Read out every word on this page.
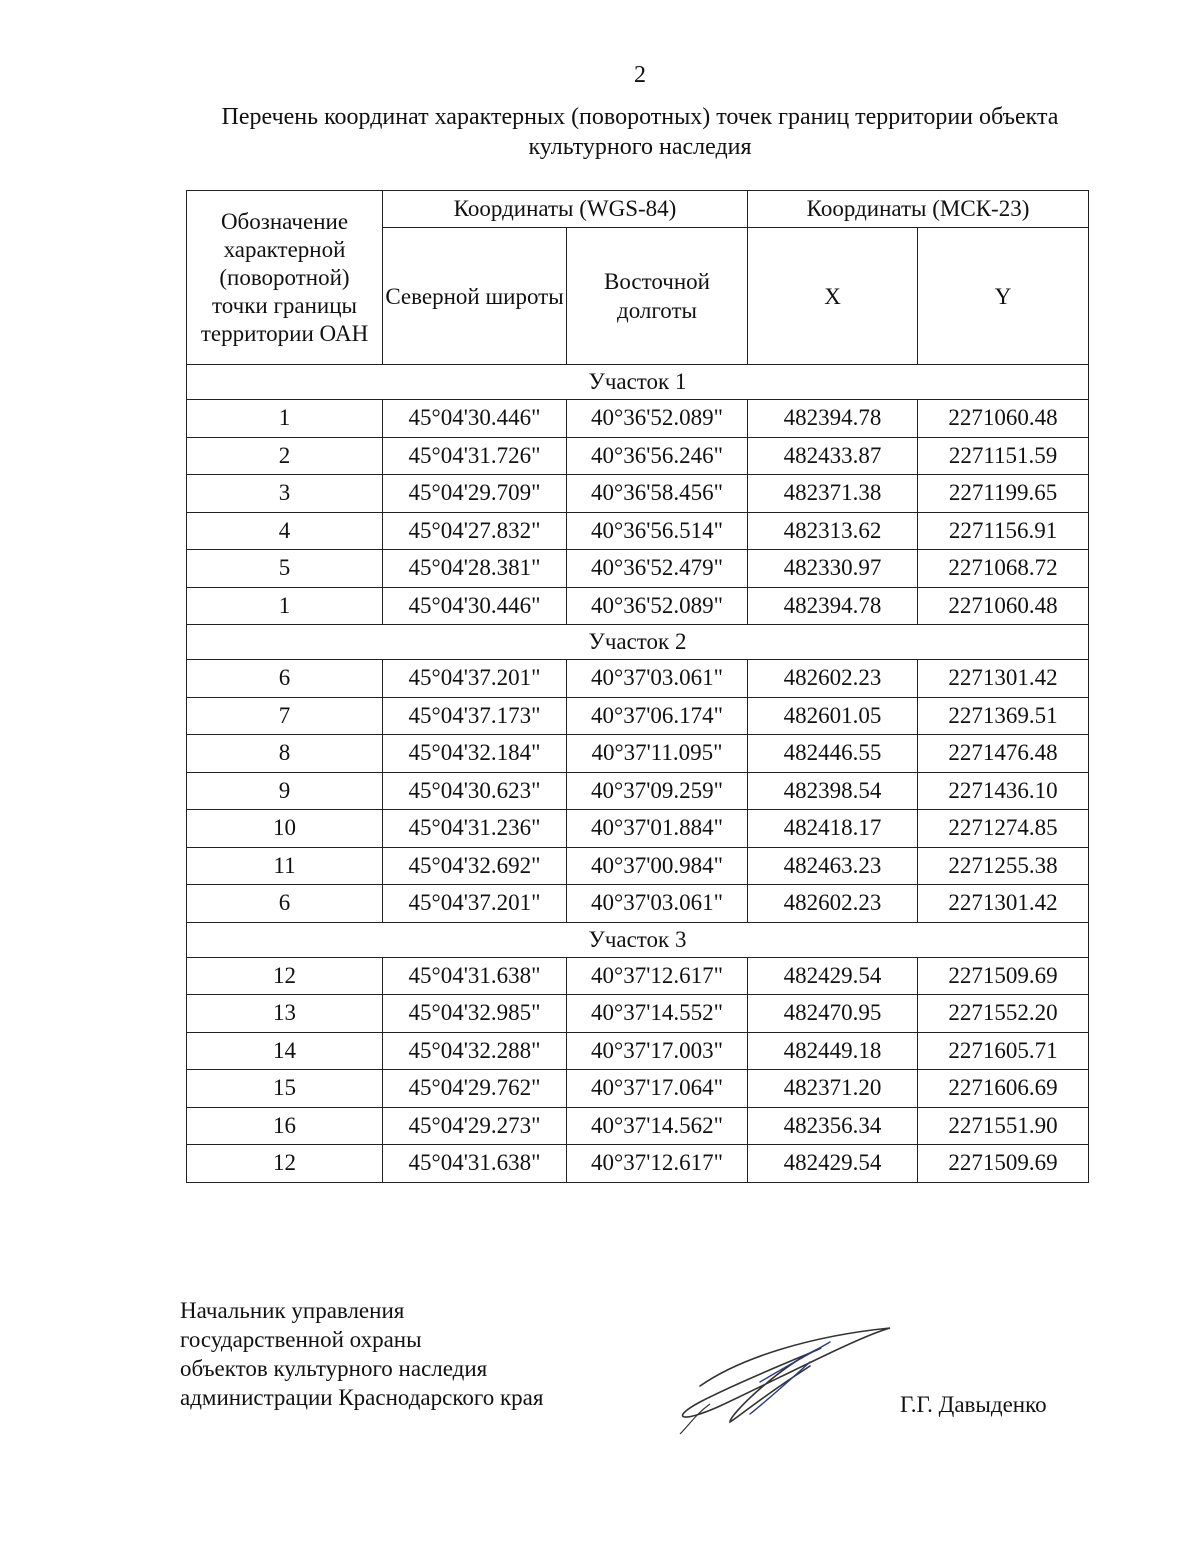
2
Перечень координат характерных (поворотных) точек границ территории объекта культурного наследия
Обозначение характерной (поворотной) точки границы территории ОАН	Координаты (WGS-84)		Координаты (МСК-23)	
	Северной широты	Восточной долготы	X	Y
Участок 1				
1	45°04'30.446"	40°36'52.089"	482394.78	2271060.48
2	45°04'31.726"	40°36'56.246"	482433.87	2271151.59
3	45°04'29.709"	40°36'58.456"	482371.38	2271199.65
4	45°04'27.832"	40°36'56.514"	482313.62	2271156.91
5	45°04'28.381"	40°36'52.479"	482330.97	2271068.72
1	45°04'30.446"	40°36'52.089"	482394.78	2271060.48
Участок 2				
6	45°04'37.201"	40°37'03.061"	482602.23	2271301.42
7	45°04'37.173"	40°37'06.174"	482601.05	2271369.51
8	45°04'32.184"	40°37'11.095"	482446.55	2271476.48
9	45°04'30.623"	40°37'09.259"	482398.54	2271436.10
10	45°04'31.236"	40°37'01.884"	482418.17	2271274.85
11	45°04'32.692"	40°37'00.984"	482463.23	2271255.38
6	45°04'37.201"	40°37'03.061"	482602.23	2271301.42
Участок 3				
12	45°04'31.638"	40°37'12.617"	482429.54	2271509.69
13	45°04'32.985"	40°37'14.552"	482470.95	2271552.20
14	45°04'32.288"	40°37'17.003"	482449.18	2271605.71
15	45°04'29.762"	40°37'17.064"	482371.20	2271606.69
16	45°04'29.273"	40°37'14.562"	482356.34	2271551.90
12	45°04'31.638"	40°37'12.617"	482429.54	2271509.69
Начальник управления
государственной охраны
объектов культурного наследия
администрации Краснодарского края	Г.Г. Давыденко
